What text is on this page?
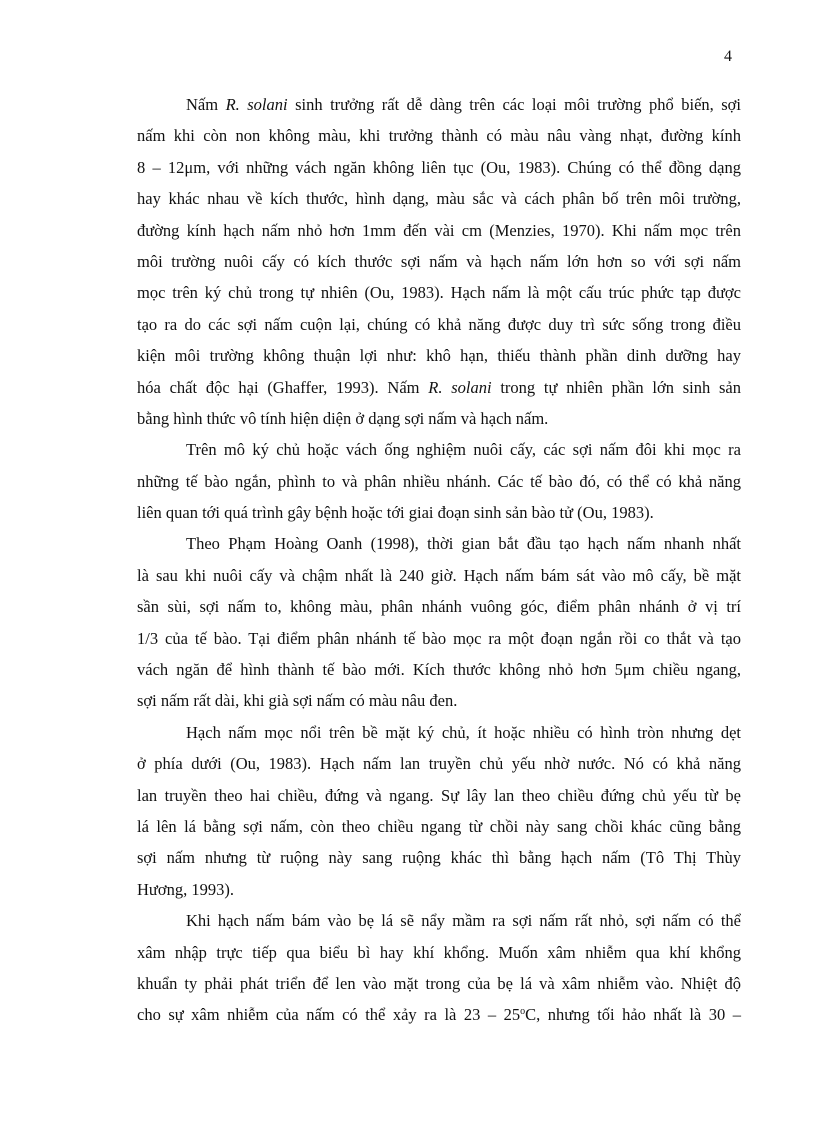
4
Nấm R. solani sinh trưởng rất dễ dàng trên các loại môi trường phổ biến, sợi
nấm khi còn non không màu, khi trưởng thành có màu nâu vàng nhạt, đường kính
8 – 12μm, với những vách ngăn không liên tục (Ou, 1983). Chúng có thể đồng dạng
hay khác nhau về kích thước, hình dạng, màu sắc và cách phân bố trên môi trường,
đường kính hạch nấm nhỏ hơn 1mm đến vài cm (Menzies, 1970). Khi nấm mọc trên
môi trường nuôi cấy có kích thước sợi nấm và hạch nấm lớn hơn so với sợi nấm
mọc trên ký chủ trong tự nhiên (Ou, 1983). Hạch nấm là một cấu trúc phức tạp được
tạo ra do các sợi nấm cuộn lại, chúng có khả năng được duy trì sức sống trong điều
kiện môi trường không thuận lợi như: khô hạn, thiếu thành phần dinh dưỡng hay
hóa chất độc hại (Ghaffer, 1993). Nấm R. solani trong tự nhiên phần lớn sinh sản
bằng hình thức vô tính hiện diện ở dạng sợi nấm và hạch nấm.
Trên mô ký chủ hoặc vách ống nghiệm nuôi cấy, các sợi nấm đôi khi mọc ra
những tế bào ngắn, phình to và phân nhiều nhánh. Các tế bào đó, có thể có khả năng
liên quan tới quá trình gây bệnh hoặc tới giai đoạn sinh sản bào tử (Ou, 1983).
Theo Phạm Hoàng Oanh (1998), thời gian bắt đầu tạo hạch nấm nhanh nhất
là sau khi nuôi cấy và chậm nhất là 240 giờ. Hạch nấm bám sát vào mô cấy, bề mặt
sần sùi, sợi nấm to, không màu, phân nhánh vuông góc, điểm phân nhánh ở vị trí
1/3 của tế bào. Tại điểm phân nhánh tế bào mọc ra một đoạn ngắn rồi co thắt và tạo
vách ngăn để hình thành tế bào mới. Kích thước không nhỏ hơn 5μm chiều ngang,
sợi nấm rất dài, khi già sợi nấm có màu nâu đen.
Hạch nấm mọc nổi trên bề mặt ký chủ, ít hoặc nhiều có hình tròn nhưng dẹt
ở phía dưới (Ou, 1983). Hạch nấm lan truyền chủ yếu nhờ nước. Nó có khả năng
lan truyền theo hai chiều, đứng và ngang. Sự lây lan theo chiều đứng chủ yếu từ bẹ
lá lên lá bằng sợi nấm, còn theo chiều ngang từ chồi này sang chồi khác cũng bằng
sợi nấm nhưng từ ruộng này sang ruộng khác thì bằng hạch nấm (Tô Thị Thùy
Hương, 1993).
Khi hạch nấm bám vào bẹ lá sẽ nẩy mầm ra sợi nấm rất nhỏ, sợi nấm có thể
xâm nhập trực tiếp qua biểu bì hay khí khổng. Muốn xâm nhiễm qua khí khổng
khuẩn ty phải phát triển để len vào mặt trong của bẹ lá và xâm nhiễm vào. Nhiệt độ
cho sự xâm nhiễm của nấm có thể xảy ra là 23 – 25$^o$C, nhưng tối hảo nhất là 30 –
